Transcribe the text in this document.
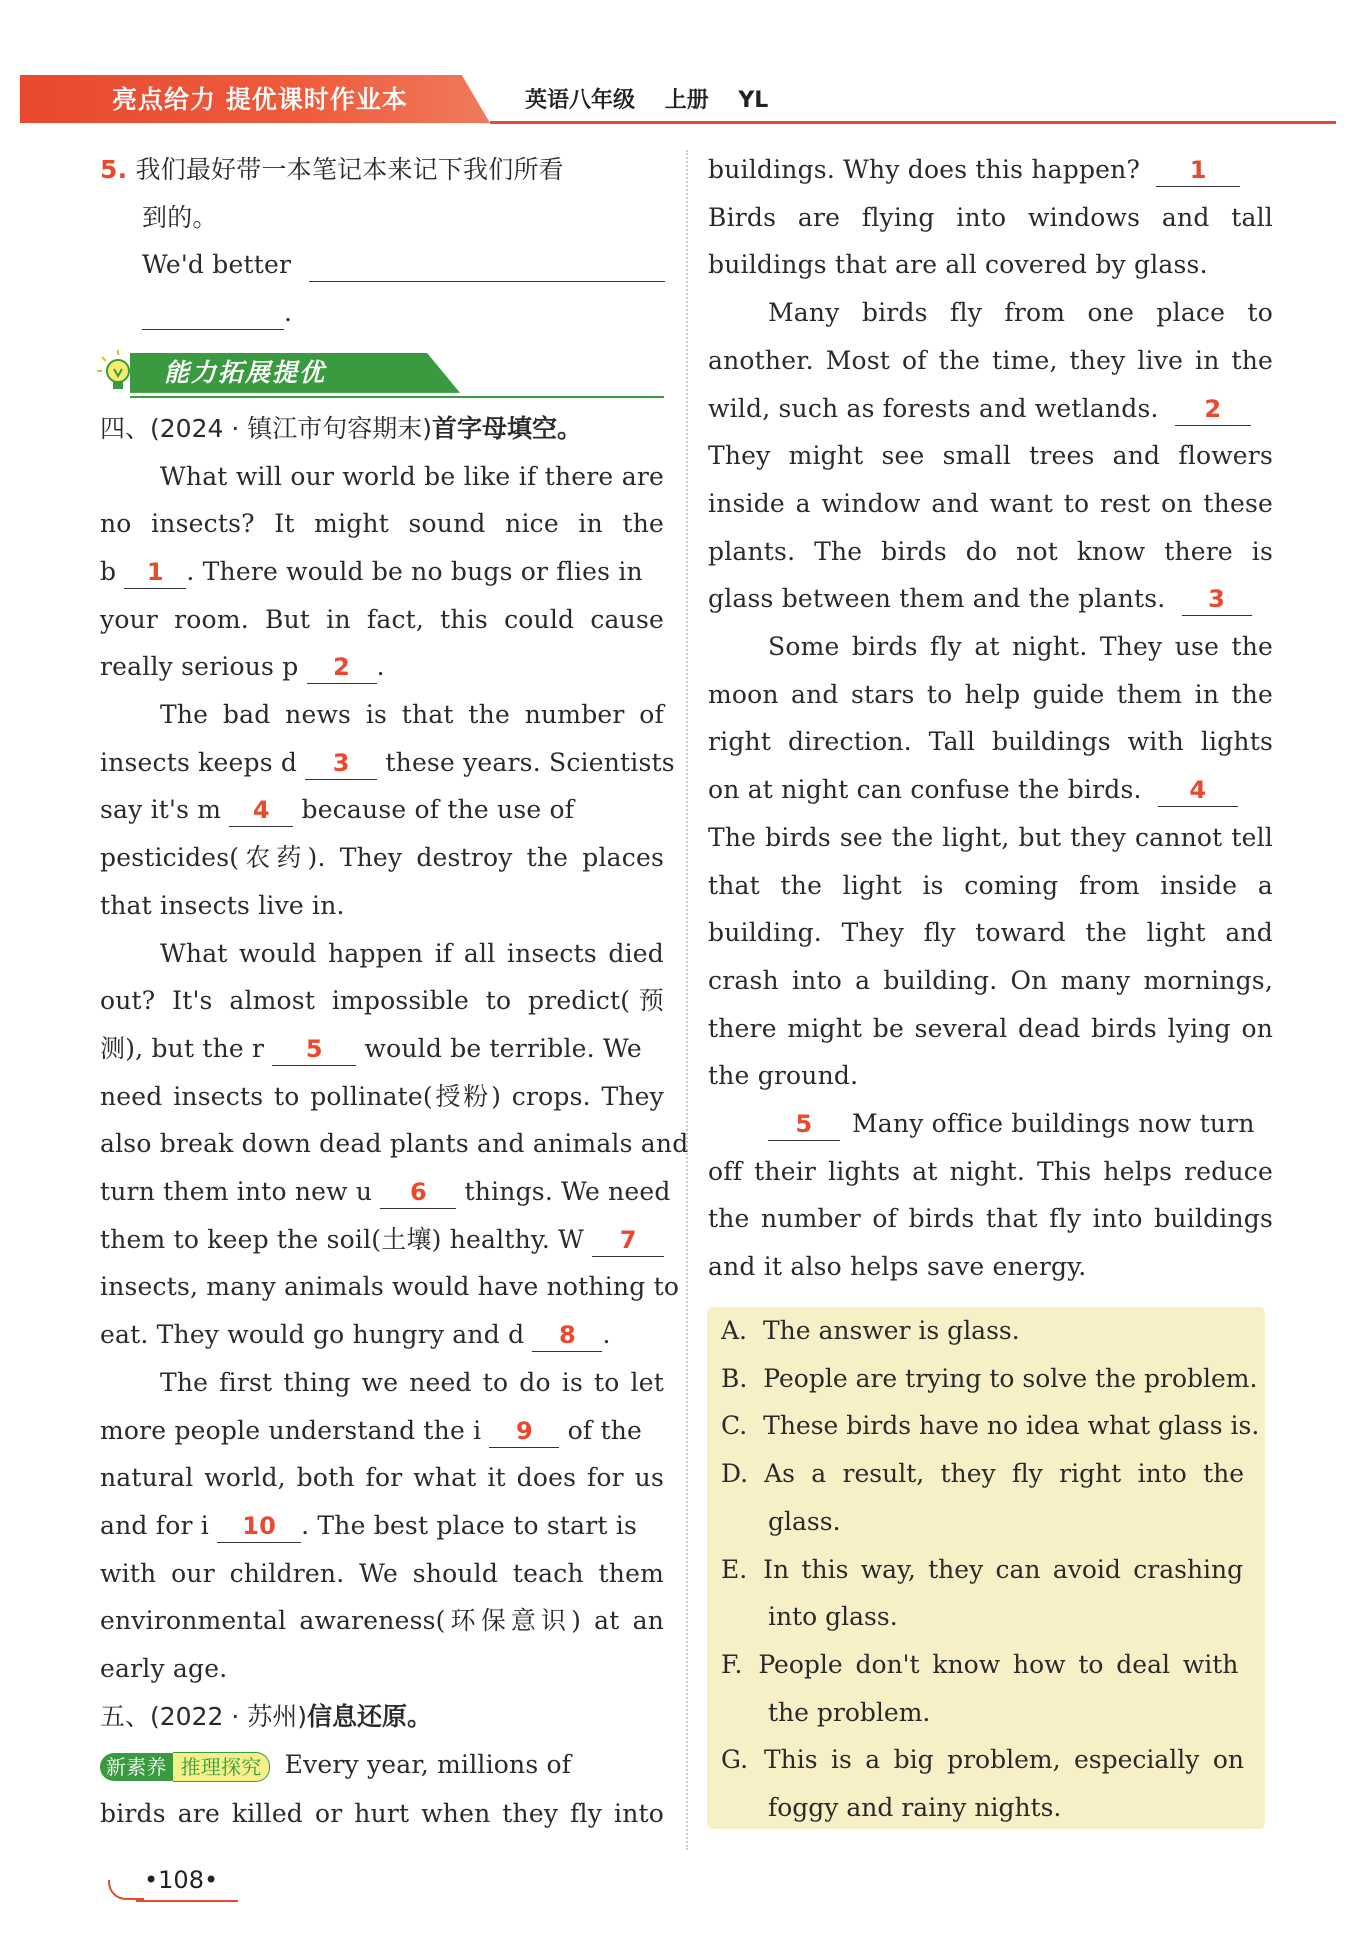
亮点给力 提优课时作业本	英语八年级 上册 YL
5. 我们最好带一本笔记本来记下我们所看
到的。
We'd better
.
能力拓展提优
四、(2024 · 镇江市句容期末)首字母填空。
What will our world be like if there are
no insects? It might sound nice in the
b 1 . There would be no bugs or flies in
your room. But in fact, this could cause
really serious p 2 .
The bad news is that the number of
insects keeps d 3 these years. Scientists
say it's m 4 because of the use of
pesticides(农药). They destroy the places
that insects live in.
What would happen if all insects died
out? It's almost impossible to predict(预
测), but the r 5 would be terrible. We
need insects to pollinate(授粉) crops. They
also break down dead plants and animals and
turn them into new u 6 things. We need
them to keep the soil(土壤) healthy. W 7
insects, many animals would have nothing to
eat. They would go hungry and d 8 .
The first thing we need to do is to let
more people understand the i 9 of the
natural world, both for what it does for us
and for i 10 . The best place to start is
with our children. We should teach them
environmental awareness(环保意识) at an
early age.
五、(2022 · 苏州)信息还原。
新素养 推理探究 Every year, millions of
birds are killed or hurt when they fly into
buildings. Why does this happen? 1
Birds are flying into windows and tall
buildings that are all covered by glass.
Many birds fly from one place to
another. Most of the time, they live in the
wild, such as forests and wetlands. 2
They might see small trees and flowers
inside a window and want to rest on these
plants. The birds do not know there is
glass between them and the plants. 3
Some birds fly at night. They use the
moon and stars to help guide them in the
right direction. Tall buildings with lights
on at night can confuse the birds. 4
The birds see the light, but they cannot tell
that the light is coming from inside a
building. They fly toward the light and
crash into a building. On many mornings,
there might be several dead birds lying on
the ground.
5 Many office buildings now turn
off their lights at night. This helps reduce
the number of birds that fly into buildings
and it also helps save energy.
A. The answer is glass.
B. People are trying to solve the problem.
C. These birds have no idea what glass is.
D. As a result, they fly right into the
glass.
E. In this way, they can avoid crashing
into glass.
F. People don't know how to deal with
the problem.
G. This is a big problem, especially on
foggy and rainy nights.
•108•
